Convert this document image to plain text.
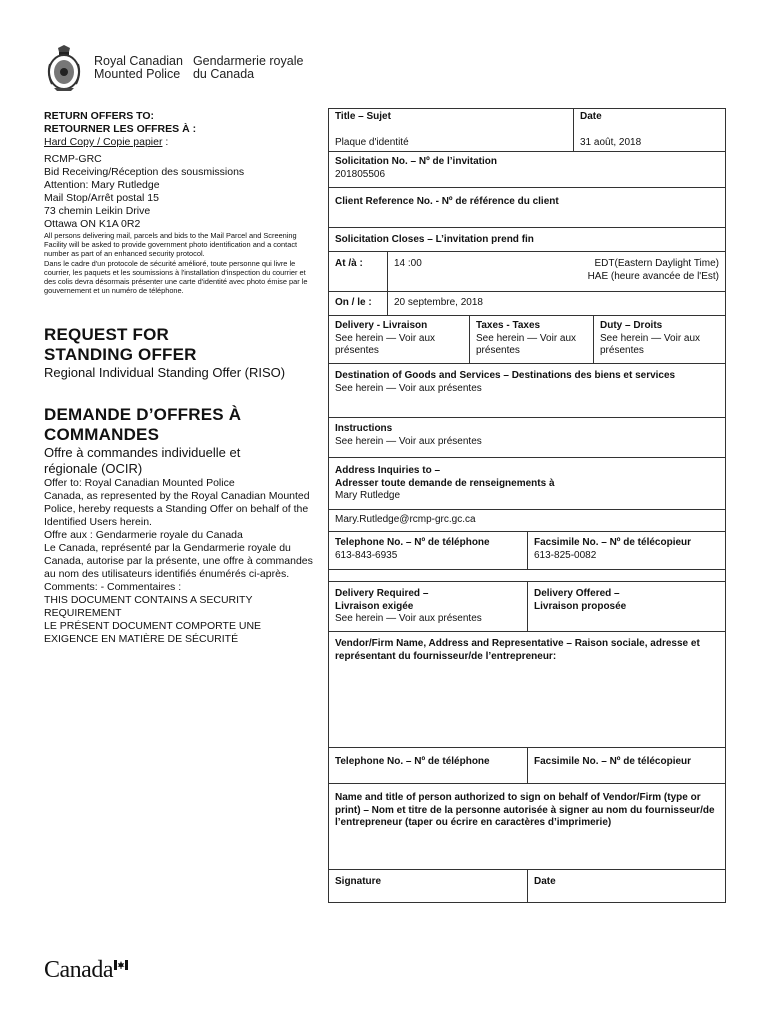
Royal Canadian
Mounted Police
Gendarmerie royale
du Canada

RETURN OFFERS TO:

RETOURNER LES OFFRES À :

Hard Copy / Copie papier :

RCMP-GRC

Bid Receiving/Réception des sousmissions

Attention: Mary Rutledge

Mail Stop/Arrêt postal 15

73 chemin Leikin Drive

Ottawa ON K1A 0R2

All persons delivering mail, parcels and bids to the Mail Parcel and Screening Facility will be asked to provide government photo identification and a contact number as part of an enhanced security protocol.

Dans le cadre d'un protocole de sécurité amélioré, toute personne qui livre le courrier, les paquets et les soumissions à l'installation d'inspection du courrier et des colis devra désormais présenter une carte d'identité avec photo émise par le gouvernement et un numéro de téléphone.

REQUEST FOR

STANDING OFFER

Regional Individual Standing Offer (RISO)

DEMANDE D’OFFRES À

COMMANDES

Offre à commandes individuelle et

régionale (OCIR)

Offer to: Royal Canadian Mounted Police

Canada, as represented by the Royal Canadian Mounted Police, hereby requests a Standing Offer on behalf of the Identified Users herein.

Offre aux : Gendarmerie royale du Canada

Le Canada, représenté par la Gendarmerie royale du Canada, autorise par la présente, une offre à commandes au nom des utilisateurs identifiés énumérés ci-après.

Comments: - Commentaires :

THIS DOCUMENT CONTAINS A SECURITY REQUIREMENT

LE PRÉSENT DOCUMENT COMPORTE UNE EXIGENCE EN MATIÈRE DE SÉCURITÉ

Title – Sujet
Plaque d'identité
Date
31 août, 2018
Solicitation No. – Nº de l’invitation
201805506
Client Reference No. - Nº de référence du client
Solicitation Closes – L’invitation prend fin
At /à :	14 :00	EDT(Eastern Daylight Time)
HAE (heure avancée de l'Est)
On / le :	20 septembre, 2018
Delivery - Livraison
See herein — Voir aux présentes
Taxes - Taxes
See herein — Voir aux présentes
Duty – Droits
See herein — Voir aux présentes
Destination of Goods and Services – Destinations des biens et services
See herein — Voir aux présentes
Instructions
See herein — Voir aux présentes
Address Inquiries to –
Adresser toute demande de renseignements à
Mary Rutledge
Mary.Rutledge@rcmp-grc.gc.ca
Telephone No. – Nº de téléphone
613-843-6935
Facsimile No. – Nº de télécopieur
613-825-0082
Delivery Required –
Livraison exigée
See herein — Voir aux présentes
Delivery Offered –
Livraison proposée
Vendor/Firm Name, Address and Representative – Raison sociale, adresse et représentant du fournisseur/de l’entrepreneur:
Telephone No. – Nº de téléphone	Facsimile No. – Nº de télécopieur
Name and title of person authorized to sign on behalf of Vendor/Firm (type or print) – Nom et titre de la personne autorisée à signer au nom du fournisseur/de l’entrepreneur (taper ou écrire en caractères d’imprimerie)
Signature	Date
Canada
